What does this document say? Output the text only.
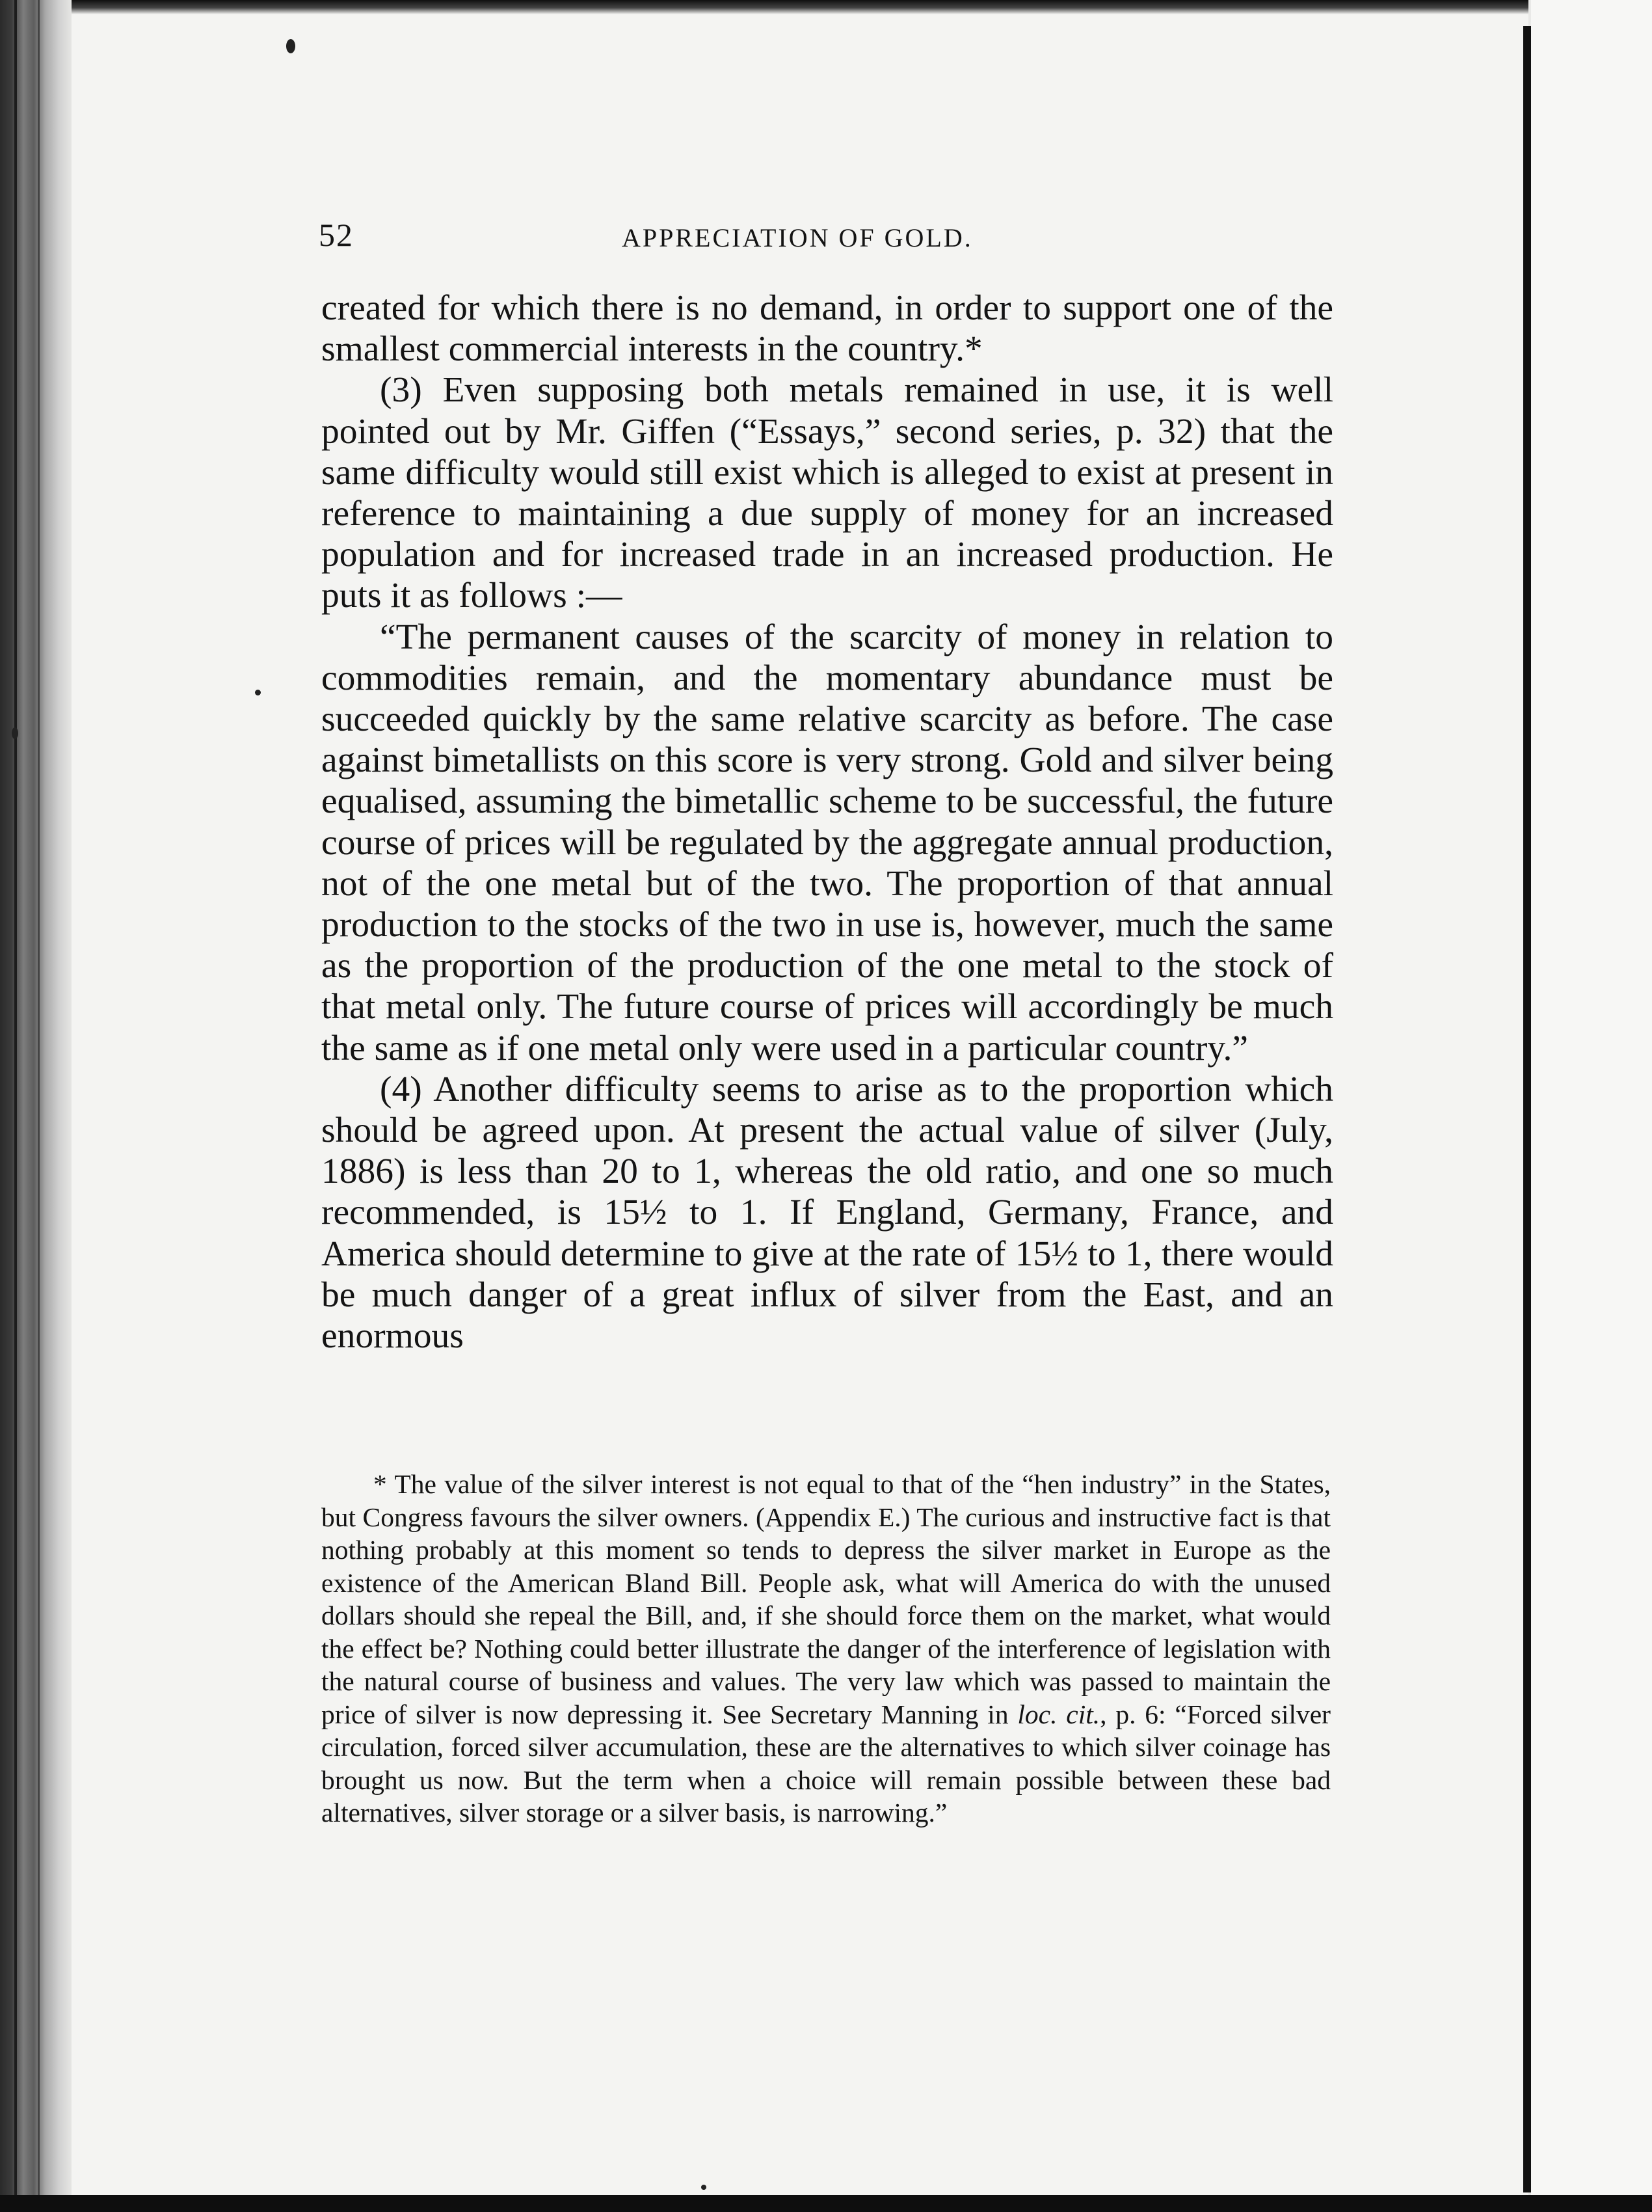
52	APPRECIATION OF GOLD.

created for which there is no demand, in order to support one of the smallest commercial interests in the country.*

(3) Even supposing both metals remained in use, it is well pointed out by Mr. Giffen (“Essays,” second series, p. 32) that the same difficulty would still exist which is alleged to exist at present in reference to maintaining a due supply of money for an increased population and for increased trade in an increased production. He puts it as follows :—

“The permanent causes of the scarcity of money in relation to commodities remain, and the momentary abundance must be succeeded quickly by the same relative scarcity as before. The case against bimetallists on this score is very strong. Gold and silver being equalised, assuming the bimetallic scheme to be successful, the future course of prices will be regulated by the aggregate annual production, not of the one metal but of the two. The proportion of that annual production to the stocks of the two in use is, however, much the same as the proportion of the production of the one metal to the stock of that metal only. The future course of prices will accordingly be much the same as if one metal only were used in a particular country.”

(4) Another difficulty seems to arise as to the proportion which should be agreed upon. At present the actual value of silver (July, 1886) is less than 20 to 1, whereas the old ratio, and one so much recommended, is 15½ to 1. If England, Germany, France, and America should determine to give at the rate of 15½ to 1, there would be much danger of a great influx of silver from the East, and an enormous

* The value of the silver interest is not equal to that of the “hen industry” in the States, but Congress favours the silver owners. (Appendix E.) The curious and instructive fact is that nothing probably at this moment so tends to depress the silver market in Europe as the existence of the American Bland Bill. People ask, what will America do with the unused dollars should she repeal the Bill, and, if she should force them on the market, what would the effect be? Nothing could better illustrate the danger of the interference of legislation with the natural course of business and values. The very law which was passed to maintain the price of silver is now depressing it. See Secretary Manning in loc. cit., p. 6: “Forced silver circulation, forced silver accumulation, these are the alternatives to which silver coinage has brought us now. But the term when a choice will remain possible between these bad alternatives, silver storage or a silver basis, is narrowing.”
